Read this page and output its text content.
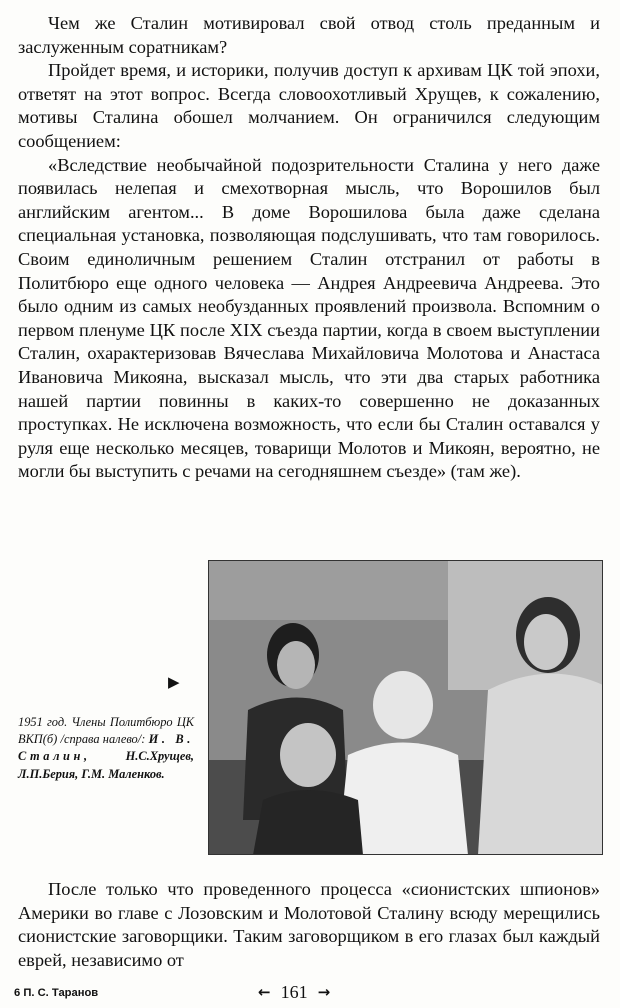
Чем же Сталин мотивировал свой отвод столь преданным и заслуженным соратникам?

Пройдет время, и историки, получив доступ к архивам ЦК той эпохи, ответят на этот вопрос. Всегда словоохотливый Хрущев, к сожалению, мотивы Сталина обошел молчанием. Он ограничился следующим сообщением:

«Вследствие необычайной подозрительности Сталина у него даже появилась нелепая и смехотворная мысль, что Ворошилов был английским агентом... В доме Ворошилова была даже сделана специальная установка, позволяющая подслушивать, что там говорилось. Своим единоличным решением Сталин отстранил от работы в Политбюро еще одного человека — Андрея Андреевича Андреева. Это было одним из самых необузданных проявлений произвола. Вспомним о первом пленуме ЦК после XIX съезда партии, когда в своем выступлении Сталин, охарактеризовав Вячеслава Михайловича Молотова и Анастаса Ивановича Микояна, высказал мысль, что эти два старых работника нашей партии повинны в каких-то совершенно не доказанных проступках. Не исключена возможность, что если бы Сталин оставался у руля еще несколько месяцев, товарищи Молотов и Микоян, вероятно, не могли бы выступить с речами на сегодняшнем съезде» (там же).

▶
1951 год. Члены Политбюро ЦК ВКП(б) /справа налево/: И. В. Сталин,	Н.С.Хрущев, Л.П.Берия, Г.М. Маленков.

После только что проведенного процесса «сионистских шпионов» Америки во главе с Лозовским и Молотовой Сталину всюду мерещились сионистские заговорщики. Таким заговорщиком в его глазах был каждый еврей, независимо от

6 П. С. Таранов	← 161 →
